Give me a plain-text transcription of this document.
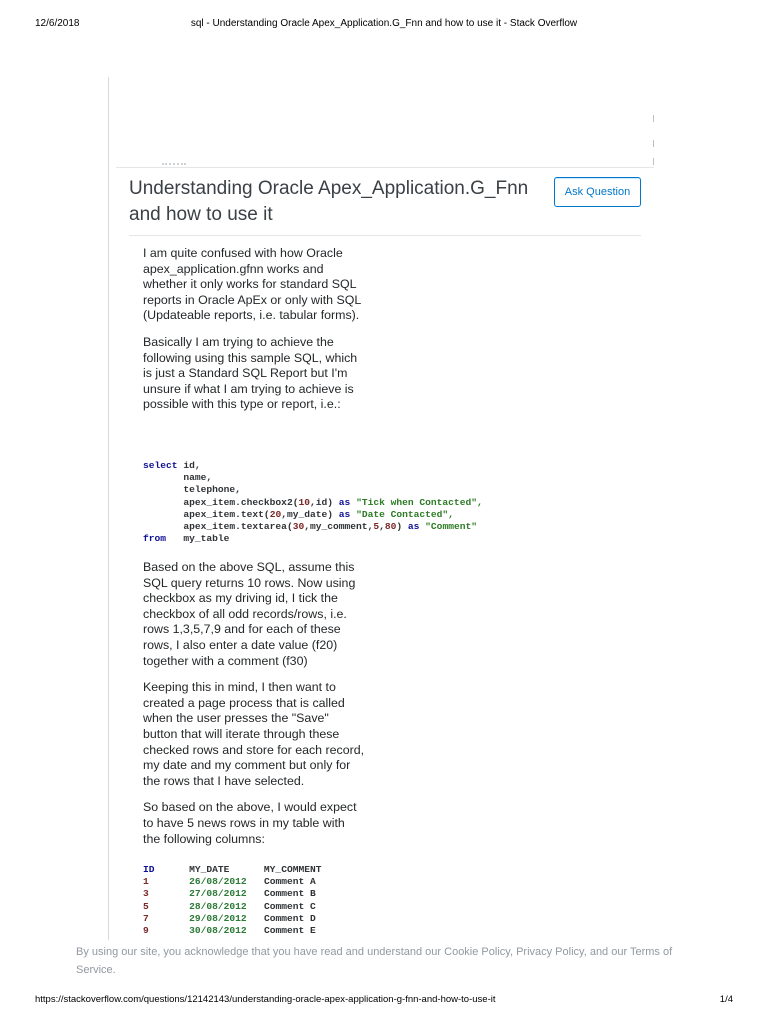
12/6/2018	sql - Understanding Oracle Apex_Application.G_Fnn and how to use it - Stack Overflow
Understanding Oracle Apex_Application.G_Fnn and how to use it
Ask Question

I am quite confused with how Oracle apex_application.gfnn works and whether it only works for standard SQL reports in Oracle ApEx or only with SQL (Updateable reports, i.e. tabular forms).

Basically I am trying to achieve the following using this sample SQL, which is just a Standard SQL Report but I'm unsure if what I am trying to achieve is possible with this type or report, i.e.:

select id,
name,
telephone,
apex_item.checkbox2(10,id) as "Tick when Contacted",
apex_item.text(20,my_date) as "Date Contacted",
apex_item.textarea(30,my_comment,5,80) as "Comment"
from my_table

Based on the above SQL, assume this SQL query returns 10 rows. Now using checkbox as my driving id, I tick the checkbox of all odd records/rows, i.e. rows 1,3,5,7,9 and for each of these rows, I also enter a date value (f20) together with a comment (f30)

Keeping this in mind, I then want to created a page process that is called when the user presses the "Save" button that will iterate through these checked rows and store for each record, my date and my comment but only for the rows that I have selected.

So based on the above, I would expect to have 5 news rows in my table with the following columns:

ID	MY_DATE	MY_COMMENT
1	26/08/2012 Comment A
3	27/08/2012 Comment B
5	28/08/2012 Comment C
7	29/08/2012 Comment D
9	30/08/2012 Comment E
By using our site, you acknowledge that you have read and understand our Cookie Policy, Privacy Policy, and our Terms of Service.
https://stackoverflow.com/questions/12142143/understanding-oracle-apex-application-g-fnn-and-how-to-use-it	1/4
